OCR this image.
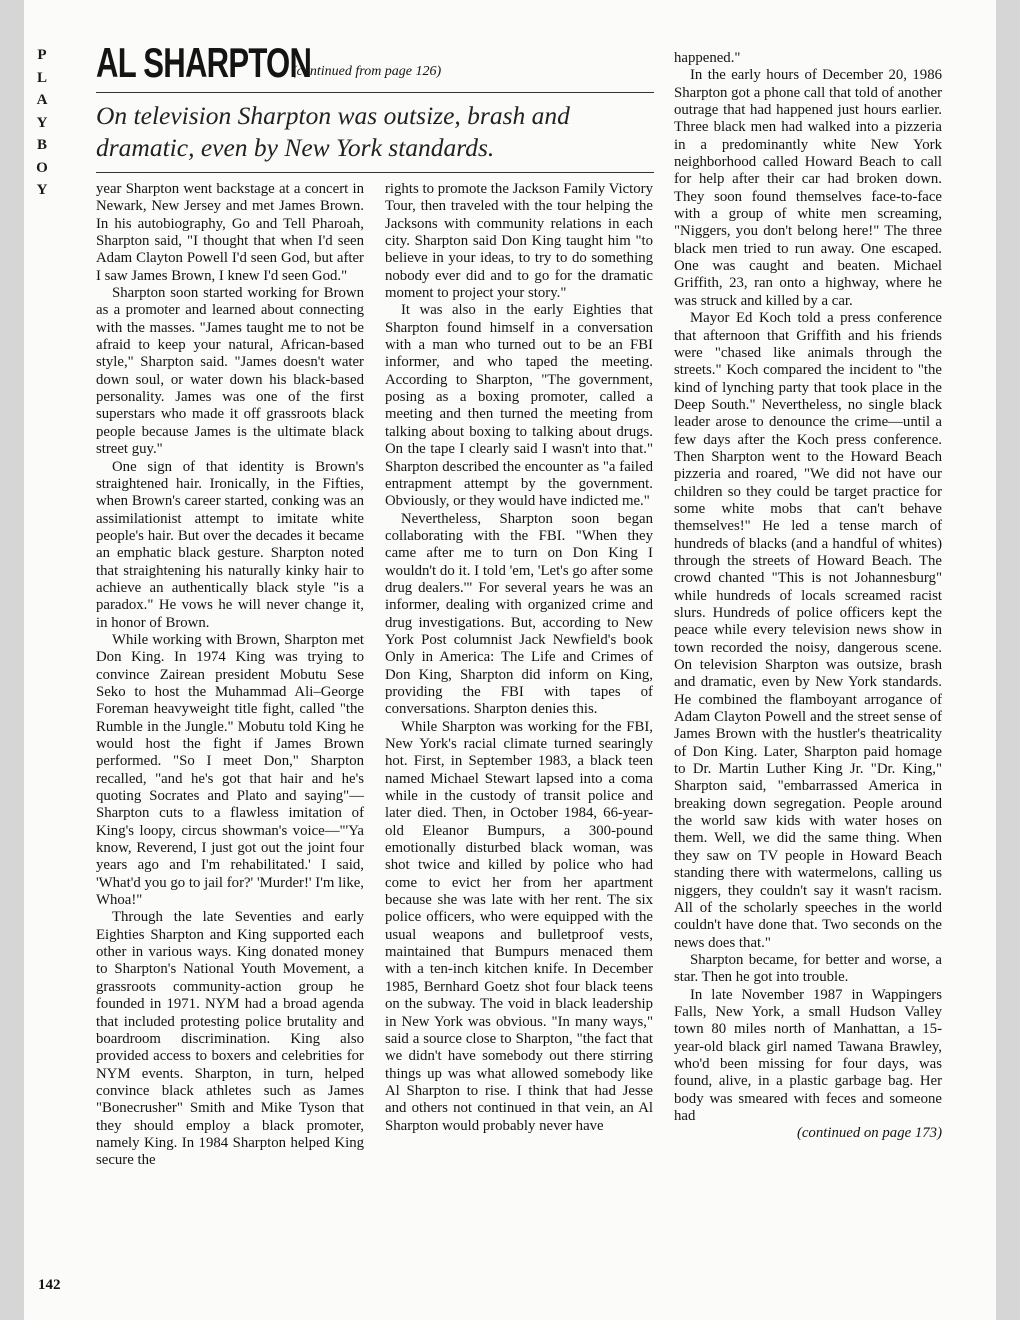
P
L
A
Y
B
O
Y
AL SHARPTON
(continued from page 126)
On television Sharpton was outsize, brash and dramatic, even by New York standards.

year Sharpton went backstage at a concert in Newark, New Jersey and met James Brown. In his autobiography, Go and Tell Pharoah, Sharpton said, "I thought that when I'd seen Adam Clayton Powell I'd seen God, but after I saw James Brown, I knew I'd seen God."

Sharpton soon started working for Brown as a promoter and learned about connecting with the masses. "James taught me to not be afraid to keep your natural, African-based style," Sharpton said. "James doesn't water down soul, or water down his black-based personality. James was one of the first superstars who made it off grassroots black people because James is the ultimate black street guy."

One sign of that identity is Brown's straightened hair. Ironically, in the Fifties, when Brown's career started, conking was an assimilationist attempt to imitate white people's hair. But over the decades it became an emphatic black gesture. Sharpton noted that straightening his naturally kinky hair to achieve an authentically black style "is a paradox." He vows he will never change it, in honor of Brown.

While working with Brown, Sharpton met Don King. In 1974 King was trying to convince Zairean president Mobutu Sese Seko to host the Muhammad Ali–George Foreman heavyweight title fight, called "the Rumble in the Jungle." Mobutu told King he would host the fight if James Brown performed. "So I meet Don," Sharpton recalled, "and he's got that hair and he's quoting Socrates and Plato and saying"—Sharpton cuts to a flawless imitation of King's loopy, circus showman's voice—"'Ya know, Reverend, I just got out the joint four years ago and I'm rehabilitated.' I said, 'What'd you go to jail for?' 'Murder!' I'm like, Whoa!"

Through the late Seventies and early Eighties Sharpton and King supported each other in various ways. King donated money to Sharpton's National Youth Movement, a grassroots community-action group he founded in 1971. NYM had a broad agenda that included protesting police brutality and boardroom discrimination. King also provided access to boxers and celebrities for NYM events. Sharpton, in turn, helped convince black athletes such as James "Bonecrusher" Smith and Mike Tyson that they should employ a black promoter, namely King. In 1984 Sharpton helped King secure the

rights to promote the Jackson Family Victory Tour, then traveled with the tour helping the Jacksons with community relations in each city. Sharpton said Don King taught him "to believe in your ideas, to try to do something nobody ever did and to go for the dramatic moment to project your story."

It was also in the early Eighties that Sharpton found himself in a conversation with a man who turned out to be an FBI informer, and who taped the meeting. According to Sharpton, "The government, posing as a boxing promoter, called a meeting and then turned the meeting from talking about boxing to talking about drugs. On the tape I clearly said I wasn't into that." Sharpton described the encounter as "a failed entrapment attempt by the government. Obviously, or they would have indicted me."

Nevertheless, Sharpton soon began collaborating with the FBI. "When they came after me to turn on Don King I wouldn't do it. I told 'em, 'Let's go after some drug dealers.'" For several years he was an informer, dealing with organized crime and drug investigations. But, according to New York Post columnist Jack Newfield's book Only in America: The Life and Crimes of Don King, Sharpton did inform on King, providing the FBI with tapes of conversations. Sharpton denies this.

While Sharpton was working for the FBI, New York's racial climate turned searingly hot. First, in September 1983, a black teen named Michael Stewart lapsed into a coma while in the custody of transit police and later died. Then, in October 1984, 66-year-old Eleanor Bumpurs, a 300-pound emotionally disturbed black woman, was shot twice and killed by police who had come to evict her from her apartment because she was late with her rent. The six police officers, who were equipped with the usual weapons and bulletproof vests, maintained that Bumpurs menaced them with a ten-inch kitchen knife. In December 1985, Bernhard Goetz shot four black teens on the subway. The void in black leadership in New York was obvious. "In many ways," said a source close to Sharpton, "the fact that we didn't have somebody out there stirring things up was what allowed somebody like Al Sharpton to rise. I think that had Jesse and others not continued in that vein, an Al Sharpton would probably never have

happened."

In the early hours of December 20, 1986 Sharpton got a phone call that told of another outrage that had happened just hours earlier. Three black men had walked into a pizzeria in a predominantly white New York neighborhood called Howard Beach to call for help after their car had broken down. They soon found themselves face-to-face with a group of white men screaming, "Niggers, you don't belong here!" The three black men tried to run away. One escaped. One was caught and beaten. Michael Griffith, 23, ran onto a highway, where he was struck and killed by a car.

Mayor Ed Koch told a press conference that afternoon that Griffith and his friends were "chased like animals through the streets." Koch compared the incident to "the kind of lynching party that took place in the Deep South." Nevertheless, no single black leader arose to denounce the crime—until a few days after the Koch press conference. Then Sharpton went to the Howard Beach pizzeria and roared, "We did not have our children so they could be target practice for some white mobs that can't behave themselves!" He led a tense march of hundreds of blacks (and a handful of whites) through the streets of Howard Beach. The crowd chanted "This is not Johannesburg" while hundreds of locals screamed racist slurs. Hundreds of police officers kept the peace while every television news show in town recorded the noisy, dangerous scene. On television Sharpton was outsize, brash and dramatic, even by New York standards. He combined the flamboyant arrogance of Adam Clayton Powell and the street sense of James Brown with the hustler's theatricality of Don King. Later, Sharpton paid homage to Dr. Martin Luther King Jr. "Dr. King," Sharpton said, "embarrassed America in breaking down segregation. People around the world saw kids with water hoses on them. Well, we did the same thing. When they saw on TV people in Howard Beach standing there with watermelons, calling us niggers, they couldn't say it wasn't racism. All of the scholarly speeches in the world couldn't have done that. Two seconds on the news does that."

Sharpton became, for better and worse, a star. Then he got into trouble.

In late November 1987 in Wappingers Falls, New York, a small Hudson Valley town 80 miles north of Manhattan, a 15-year-old black girl named Tawana Brawley, who'd been missing for four days, was found, alive, in a plastic garbage bag. Her body was smeared with feces and someone had

(continued on page 173)

142
